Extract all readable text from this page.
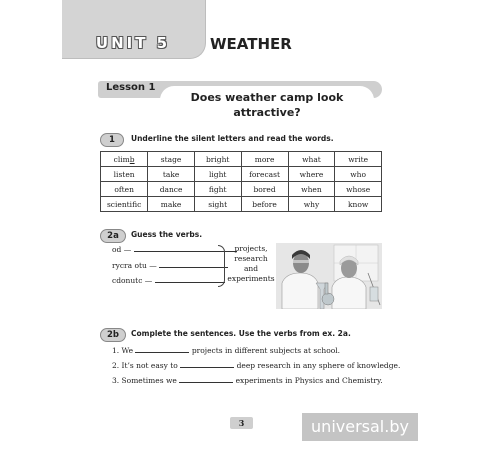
UNIT 5	WEATHER
Lesson 1
Does weather camp look
attractive?
1	Underline the silent letters and read the words.
climb	stage	bright	more	what	write
listen	take	light	forecast	where	who
often	dance	fight	bored	when	whose
scientific	make	sight	before	why	know
2a	Guess the verbs.
od —
rycra otu —
cdonutc —
projects,
research
and
experiments
2b	Complete the sentences. Use the verbs from ex. 2a.
1. We	projects in different subjects at school.
2. It’s not easy to	deep research in any sphere of knowledge.
3. Sometimes we	experiments in Physics and Chemistry.
3	universal.by
